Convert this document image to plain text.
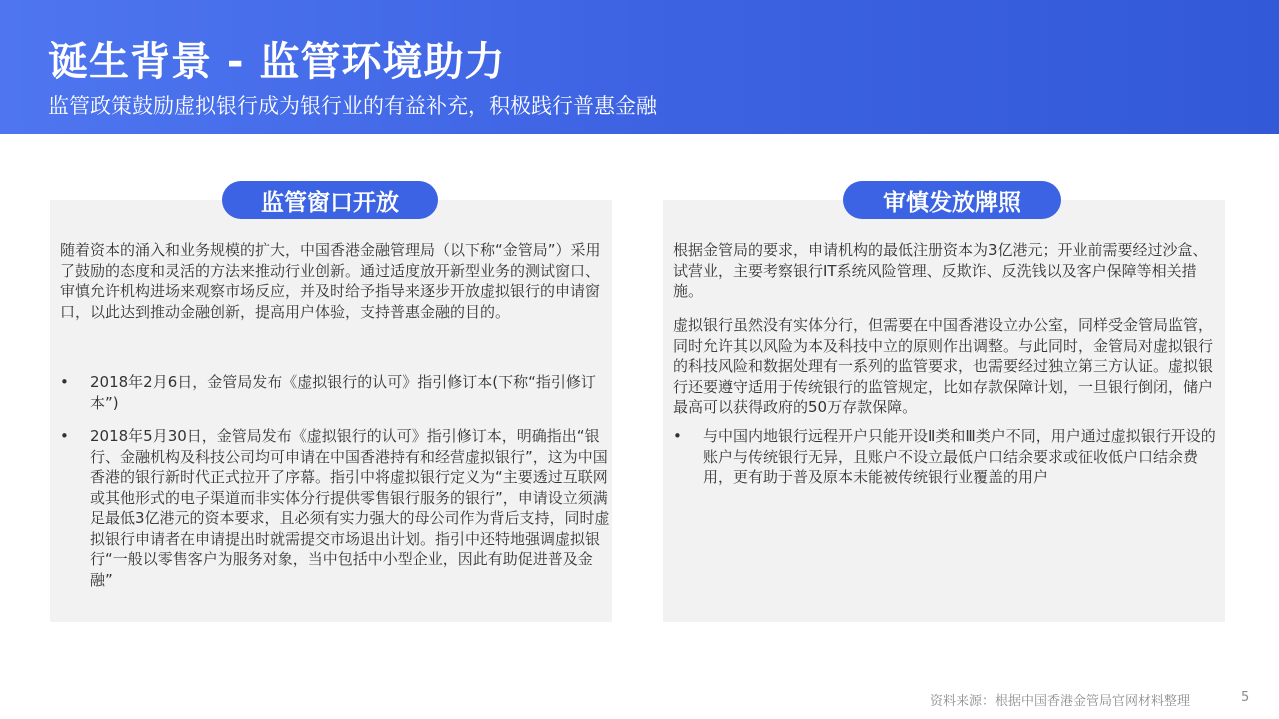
诞生背景 - 监管环境助力
监管政策鼓励虚拟银行成为银行业的有益补充，积极践行普惠金融
监管窗口开放
随着资本的涌入和业务规模的扩大，中国香港金融管理局（以下称“金管局”）采用了鼓励的态度和灵活的方法来推动行业创新。通过适度放开新型业务的测试窗口、审慎允许机构进场来观察市场反应，并及时给予指导来逐步开放虚拟银行的申请窗口，以此达到推动金融创新，提高用户体验，支持普惠金融的目的。
•	2018年2月6日，金管局发布《虚拟银行的认可》指引修订本(下称“指引修订本”)
•	2018年5月30日，金管局发布《虚拟银行的认可》指引修订本，明确指出“银行、金融机构及科技公司均可申请在中国香港持有和经营虚拟银行”，这为中国香港的银行新时代正式拉开了序幕。指引中将虚拟银行定义为“主要透过互联网或其他形式的电子渠道而非实体分行提供零售银行服务的银行”，申请设立须满足最低3亿港元的资本要求，且必须有实力强大的母公司作为背后支持，同时虚拟银行申请者在申请提出时就需提交市场退出计划。指引中还特地强调虚拟银行“一般以零售客户为服务对象，当中包括中小型企业，因此有助促进普及金融”
审慎发放牌照
根据金管局的要求，申请机构的最低注册资本为3亿港元；开业前需要经过沙盒、试营业，主要考察银行IT系统风险管理、反欺诈、反洗钱以及客户保障等相关措施。
虚拟银行虽然没有实体分行，但需要在中国香港设立办公室，同样受金管局监管，同时允许其以风险为本及科技中立的原则作出调整。与此同时，金管局对虚拟银行的科技风险和数据处理有一系列的监管要求，也需要经过独立第三方认证。虚拟银行还要遵守适用于传统银行的监管规定，比如存款保障计划，一旦银行倒闭，储户最高可以获得政府的50万存款保障。
•	与中国内地银行远程开户只能开设Ⅱ类和Ⅲ类户不同，用户通过虚拟银行开设的账户与传统银行无异，且账户不设立最低户口结余要求或征收低户口结余费用，更有助于普及原本未能被传统银行业覆盖的用户
资料来源：根据中国香港金管局官网材料整理	5
